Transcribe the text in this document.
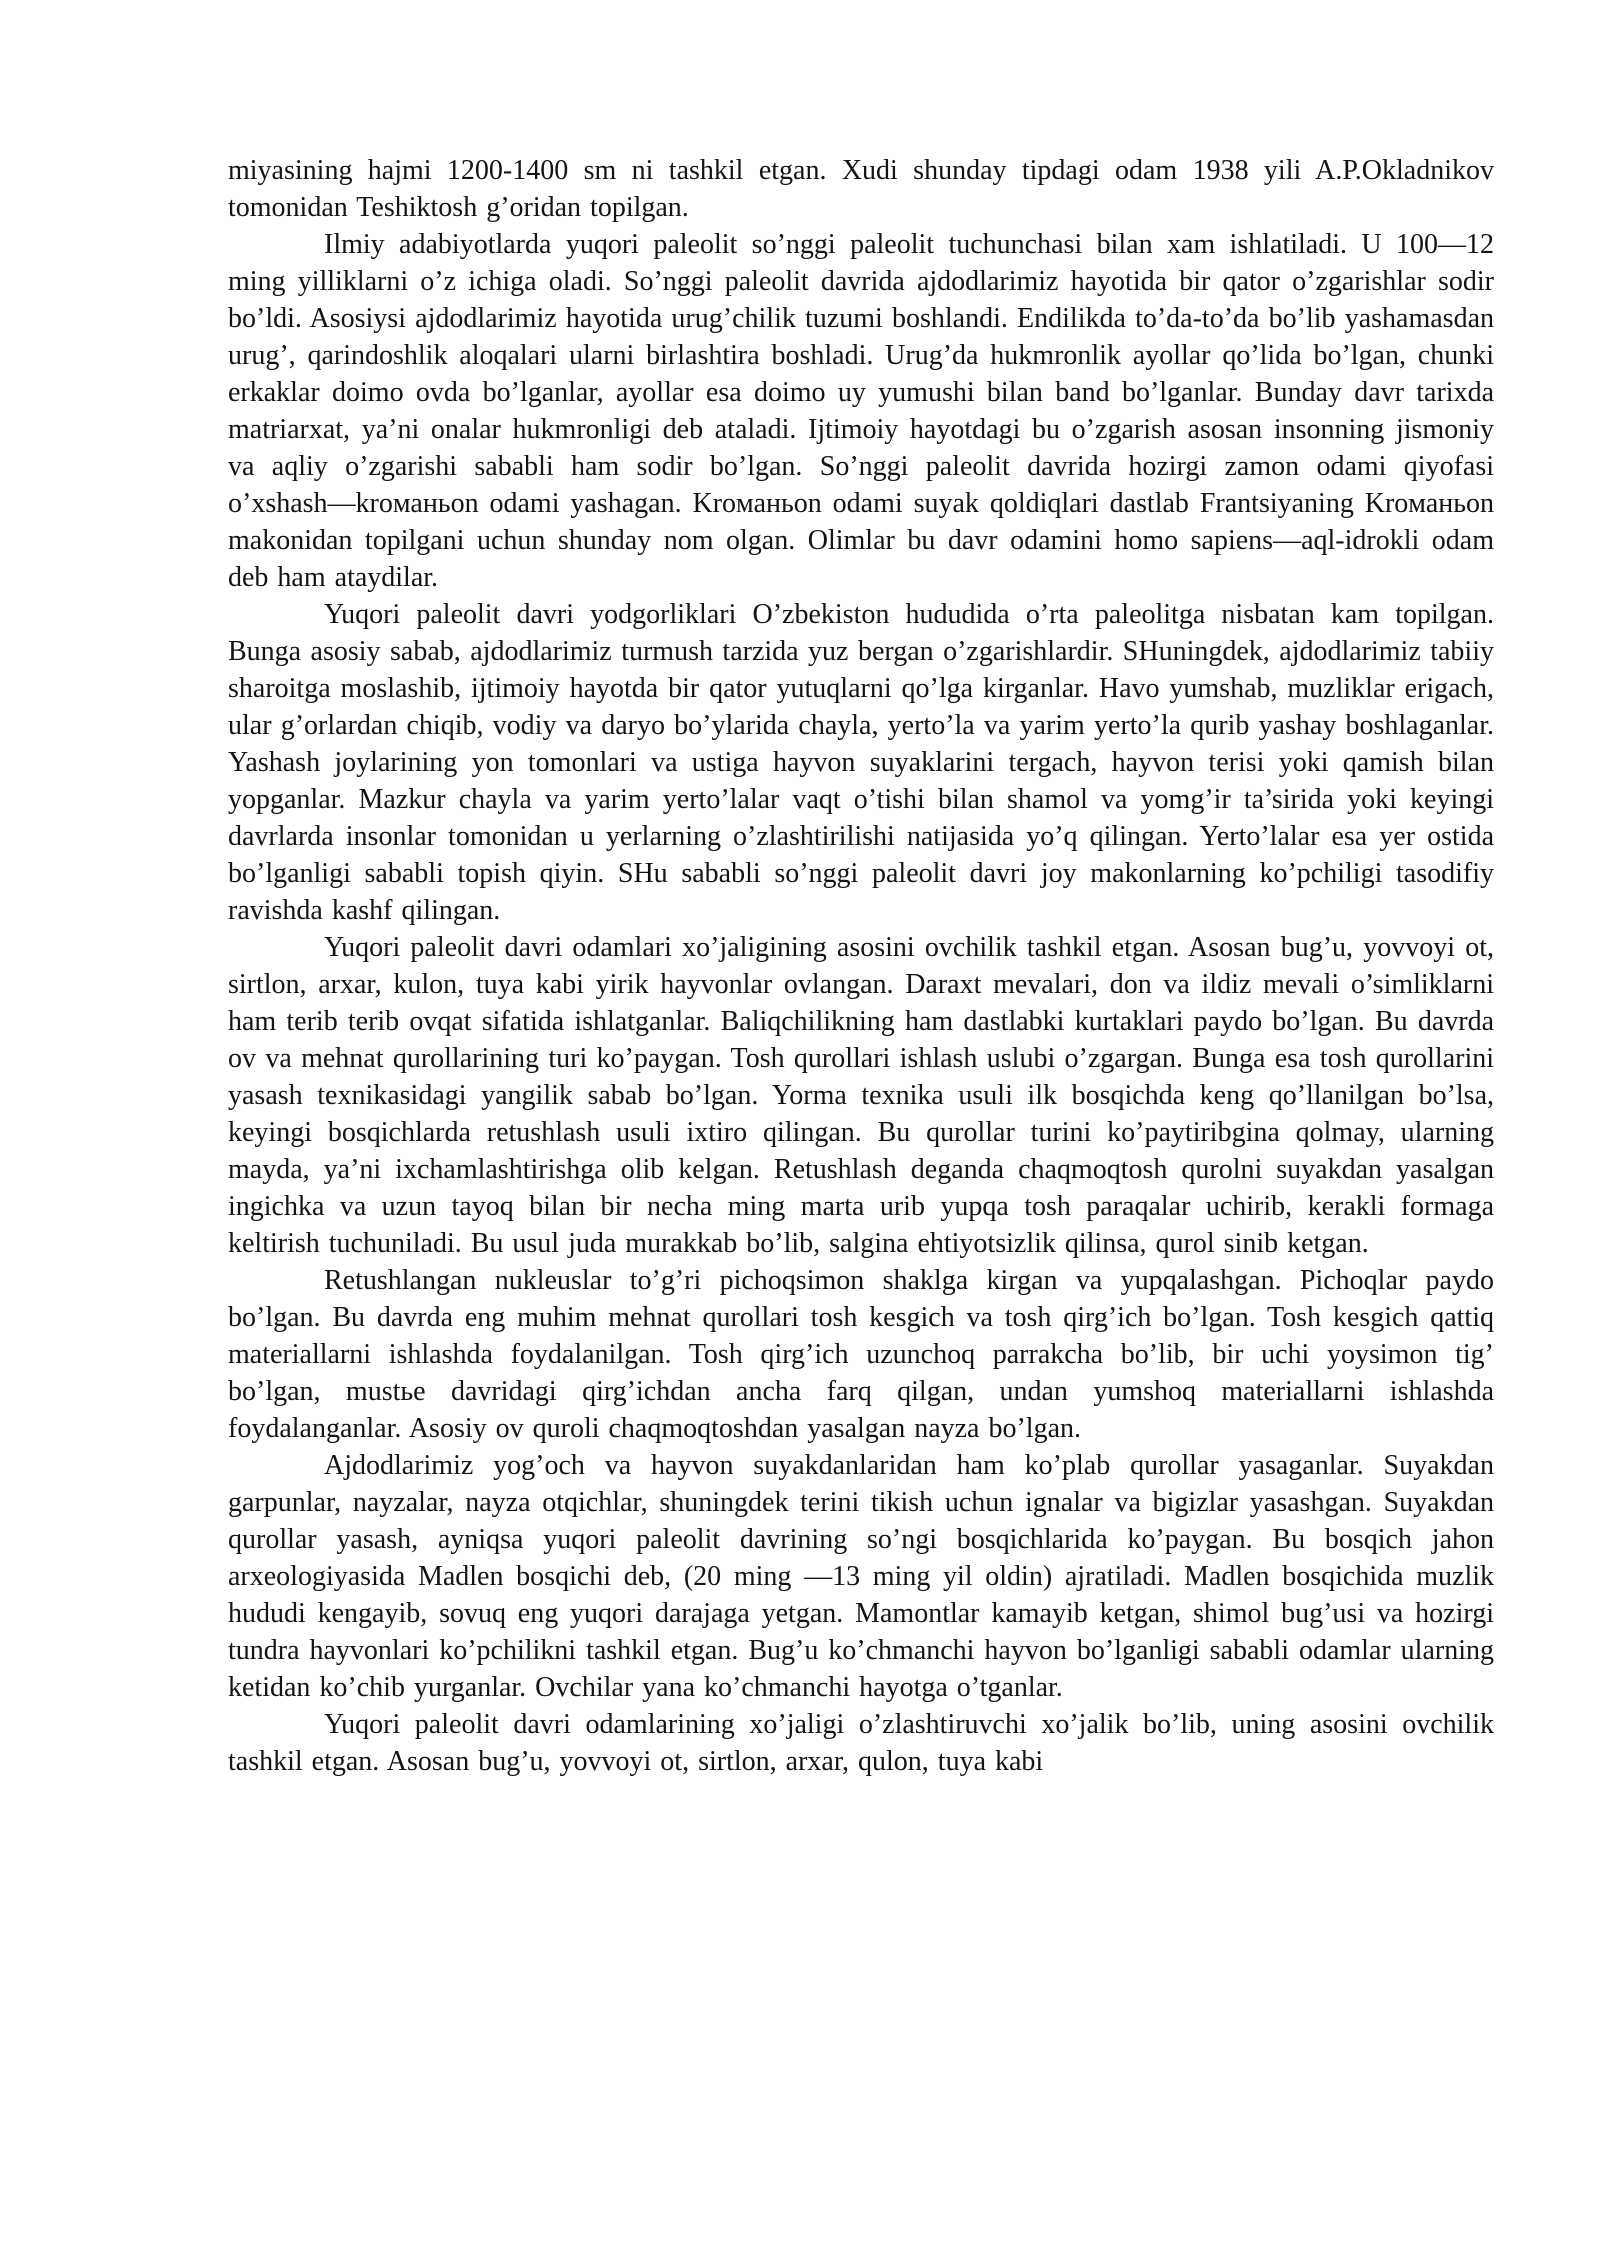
miyasining hajmi 1200-1400 sm ni tashkil etgan. Xudi shunday tipdagi odam 1938 yili A.P.Okladnikov tomonidan Teshiktosh g’oridan topilgan.

Ilmiy adabiyotlarda yuqori paleolit so’nggi paleolit tuchunchasi bilan xam ishlatiladi. U 100—12 ming yilliklarni o’z ichiga oladi. So’nggi paleolit davrida ajdodlarimiz hayotida bir qator o’zgarishlar sodir bo’ldi. Asosiysi ajdodlarimiz hayotida urug’chilik tuzumi boshlandi. Endilikda to’da-to’da bo’lib yashamasdan urug’, qarindoshlik aloqalari ularni birlashtira boshladi. Urug’da hukmronlik ayollar qo’lida bo’lgan, chunki erkaklar doimo ovda bo’lganlar, ayollar esa doimo uy yumushi bilan band bo’lganlar. Bunday davr tarixda matriarxat, ya’ni onalar hukmronligi deb ataladi. Ijtimoiy hayotdagi bu o’zgarish asosan insonning jismoniy va aqliy o’zgarishi sababli ham sodir bo’lgan. So’nggi paleolit davrida hozirgi zamon odami qiyofasi o’xshash—kroманьon odami yashagan. Kroманьon odami suyak qoldiqlari dastlab Frantsiyaning Kroманьon makonidan topilgani uchun shunday nom olgan. Olimlar bu davr odamini homo sapiens—aql-idrokli odam deb ham ataydilar.

Yuqori paleolit davri yodgorliklari O’zbekiston hududida o’rta paleolitga nisbatan kam topilgan. Bunga asosiy sabab, ajdodlarimiz turmush tarzida yuz bergan o’zgarishlardir. SHuningdek, ajdodlarimiz tabiiy sharoitga moslashib, ijtimoiy hayotda bir qator yutuqlarni qo’lga kirganlar. Havo yumshab, muzliklar erigach, ular g’orlardan chiqib, vodiy va daryo bo’ylarida chayla, yerto’la va yarim yerto’la qurib yashay boshlaganlar. Yashash joylarining yon tomonlari va ustiga hayvon suyaklarini tergach, hayvon terisi yoki qamish bilan yopganlar. Mazkur chayla va yarim yerto’lalar vaqt o’tishi bilan shamol va yomg’ir ta’sirida yoki keyingi davrlarda insonlar tomonidan u yerlarning o’zlashtirilishi natijasida yo’q qilingan. Yerto’lalar esa yer ostida bo’lganligi sababli topish qiyin. SHu sababli so’nggi paleolit davri joy makonlarning ko’pchiligi tasodifiy ravishda kashf qilingan.

Yuqori paleolit davri odamlari xo’jaligining asosini ovchilik tashkil etgan. Asosan bug’u, yovvoyi ot, sirtlon, arxar, kulon, tuya kabi yirik hayvonlar ovlangan. Daraxt mevalari, don va ildiz mevali o’simliklarni ham terib terib ovqat sifatida ishlatganlar. Baliqchilikning ham dastlabki kurtaklari paydo bo’lgan. Bu davrda ov va mehnat qurollarining turi ko’paygan. Tosh qurollari ishlash uslubi o’zgargan. Bunga esa tosh qurollarini yasash texnikasidagi yangilik sabab bo’lgan. Yorma texnika usuli ilk bosqichda keng qo’llanilgan bo’lsa, keyingi bosqichlarda retushlash usuli ixtiro qilingan. Bu qurollar turini ko’paytiribgina qolmay, ularning mayda, ya’ni ixchamlashtirishga olib kelgan. Retushlash deganda chaqmoqtosh qurolni suyakdan yasalgan ingichka va uzun tayoq bilan bir necha ming marta urib yupqa tosh paraqalar uchirib, kerakli formaga keltirish tuchuniladi. Bu usul juda murakkab bo’lib, salgina ehtiyotsizlik qilinsa, qurol sinib ketgan.

Retushlangan nukleuslar to’g’ri pichoqsimon shaklga kirgan va yupqalashgan. Pichoqlar paydo bo’lgan. Bu davrda eng muhim mehnat qurollari tosh kesgich va tosh qirg’ich bo’lgan. Tosh kesgich qattiq materiallarni ishlashda foydalanilgan. Tosh qirg’ich uzunchoq parrakcha bo’lib, bir uchi yoysimon tig’ bo’lgan, mustьe davridagi qirg’ichdan ancha farq qilgan, undan yumshoq materiallarni ishlashda foydalanganlar. Asosiy ov quroli chaqmoqtoshdan yasalgan nayza bo’lgan.

Ajdodlarimiz yog’och va hayvon suyakdanlaridan ham ko’plab qurollar yasaganlar. Suyakdan garpunlar, nayzalar, nayza otqichlar, shuningdek terini tikish uchun ignalar va bigizlar yasashgan. Suyakdan qurollar yasash, ayniqsa yuqori paleolit davrining so’ngi bosqichlarida ko’paygan. Bu bosqich jahon arxeologiyasida Madlen bosqichi deb, (20 ming —13 ming yil oldin) ajratiladi. Madlen bosqichida muzlik hududi kengayib, sovuq eng yuqori darajaga yetgan. Mamontlar kamayib ketgan, shimol bug’usi va hozirgi tundra hayvonlari ko’pchilikni tashkil etgan. Bug’u ko’chmanchi hayvon bo’lganligi sababli odamlar ularning ketidan ko’chib yurganlar. Ovchilar yana ko’chmanchi hayotga o’tganlar.

Yuqori paleolit davri odamlarining xo’jaligi o’zlashtiruvchi xo’jalik bo’lib, uning asosini ovchilik tashkil etgan. Asosan bug’u, yovvoyi ot, sirtlon, arxar, qulon, tuya kabi
